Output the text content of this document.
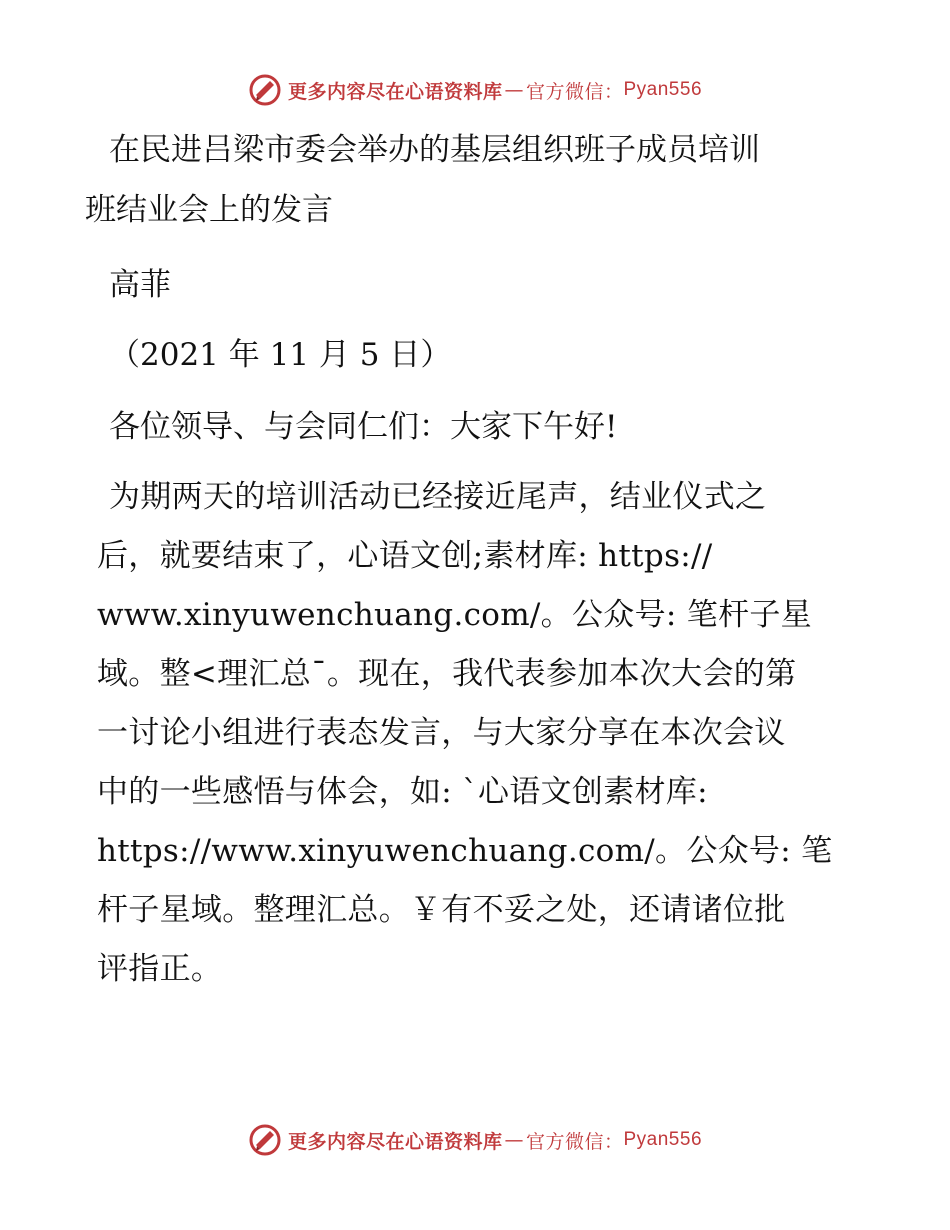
更多内容尽在心语资料库 — 官方微信： Pyan556
在民进吕梁市委会举办的基层组织班子成员培训
班结业会上的发言

高菲

（2021 年 11 月 5 日）

各位领导、与会同仁们：大家下午好!

为期两天的培训活动已经接近尾声，结业仪式之
后，就要结束了，心语文创;素材库: https://
www.xinyuwenchuang.com/。公众号: 笔杆子星
域。整<理汇总¯。现在，我代表参加本次大会的第
一讨论小组进行表态发言，与大家分享在本次会议
中的一些感悟与体会，如: `心语文创素材库:
https://www.xinyuwenchuang.com/。公众号: 笔
杆子星域。整理汇总。￥有不妥之处，还请诸位批
评指正。
更多内容尽在心语资料库 — 官方微信： Pyan556
